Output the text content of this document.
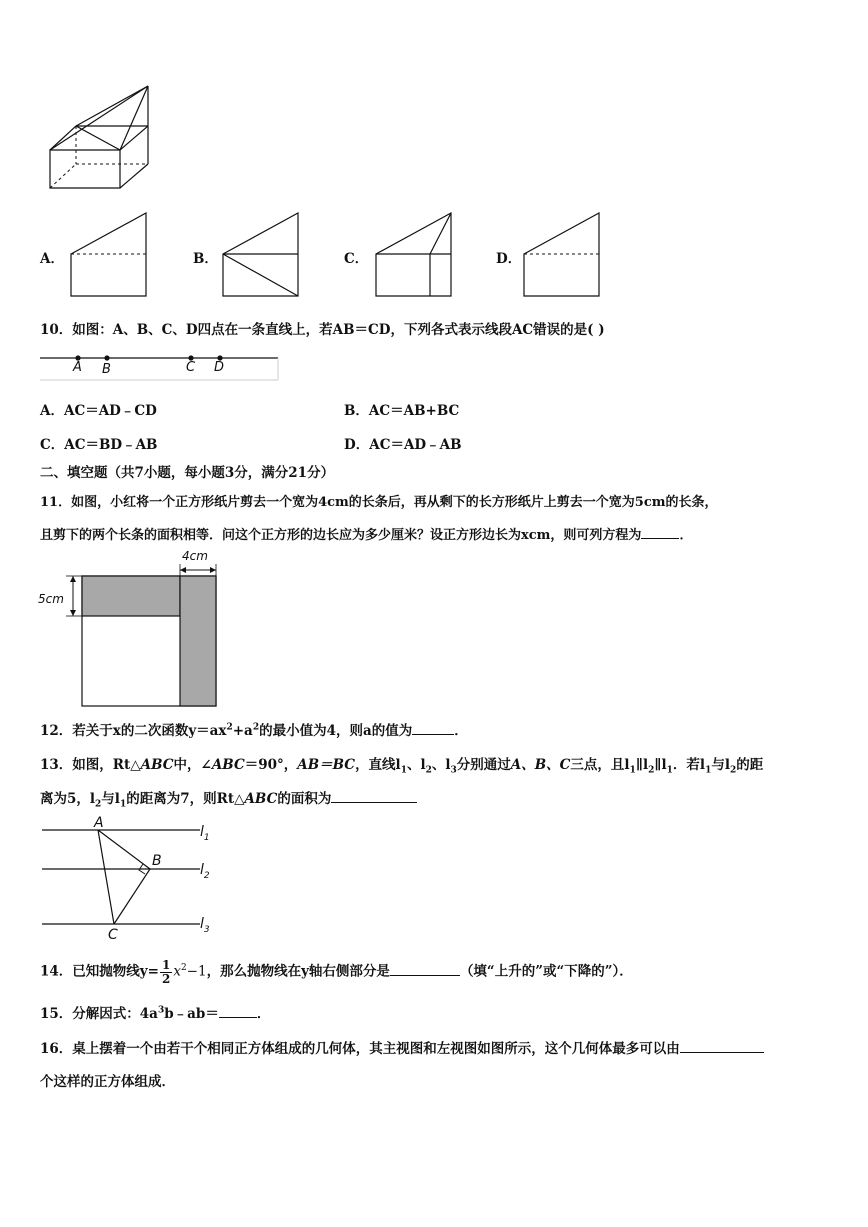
A．	B．	C．	D．
10．如图：A、B、C、D四点在一条直线上，若AB＝CD，下列各式表示线段AC错误的是( )
A B	C D
A．AC＝AD﹣CD	B．AC＝AB+BC
C．AC＝BD﹣AB	D．AC＝AD﹣AB
二、填空题（共7小题，每小题3分，满分21分）
11．如图，小红将一个正方形纸片剪去一个宽为4cm的长条后，再从剩下的长方形纸片上剪去一个宽为5cm的长条，
且剪下的两个长条的面积相等．问这个正方形的边长应为多少厘米？设正方形边长为xcm，则可列方程为	．
4cm
5cm
12．若关于x的二次函数$y=ax^2+a^2$的最小值为4，则a的值为	．
13．如图，Rt△ABC中，∠ABC＝90°，AB＝BC，直线$l_1$、$l_2$、$l_3$分别通过A、B、C三点，且$l_1\parallel l_2\parallel l_1$．若$l_1$与$l_2$的距
离为5，$l_2$与$l_1$的距离为7，则Rt△ABC的面积为
A
B
C
$l_1$
$l_2$
$l_3$
14．已知抛物线$y= \frac{1}{2} x^2-1$，那么抛物线在y轴右侧部分是	（填“上升的”或“下降的”）．
15．分解因式：$4a^3b﹣ab=$	．
16．桌上摆着一个由若干个相同正方体组成的几何体，其主视图和左视图如图所示，这个几何体最多可以由
个这样的正方体组成．
